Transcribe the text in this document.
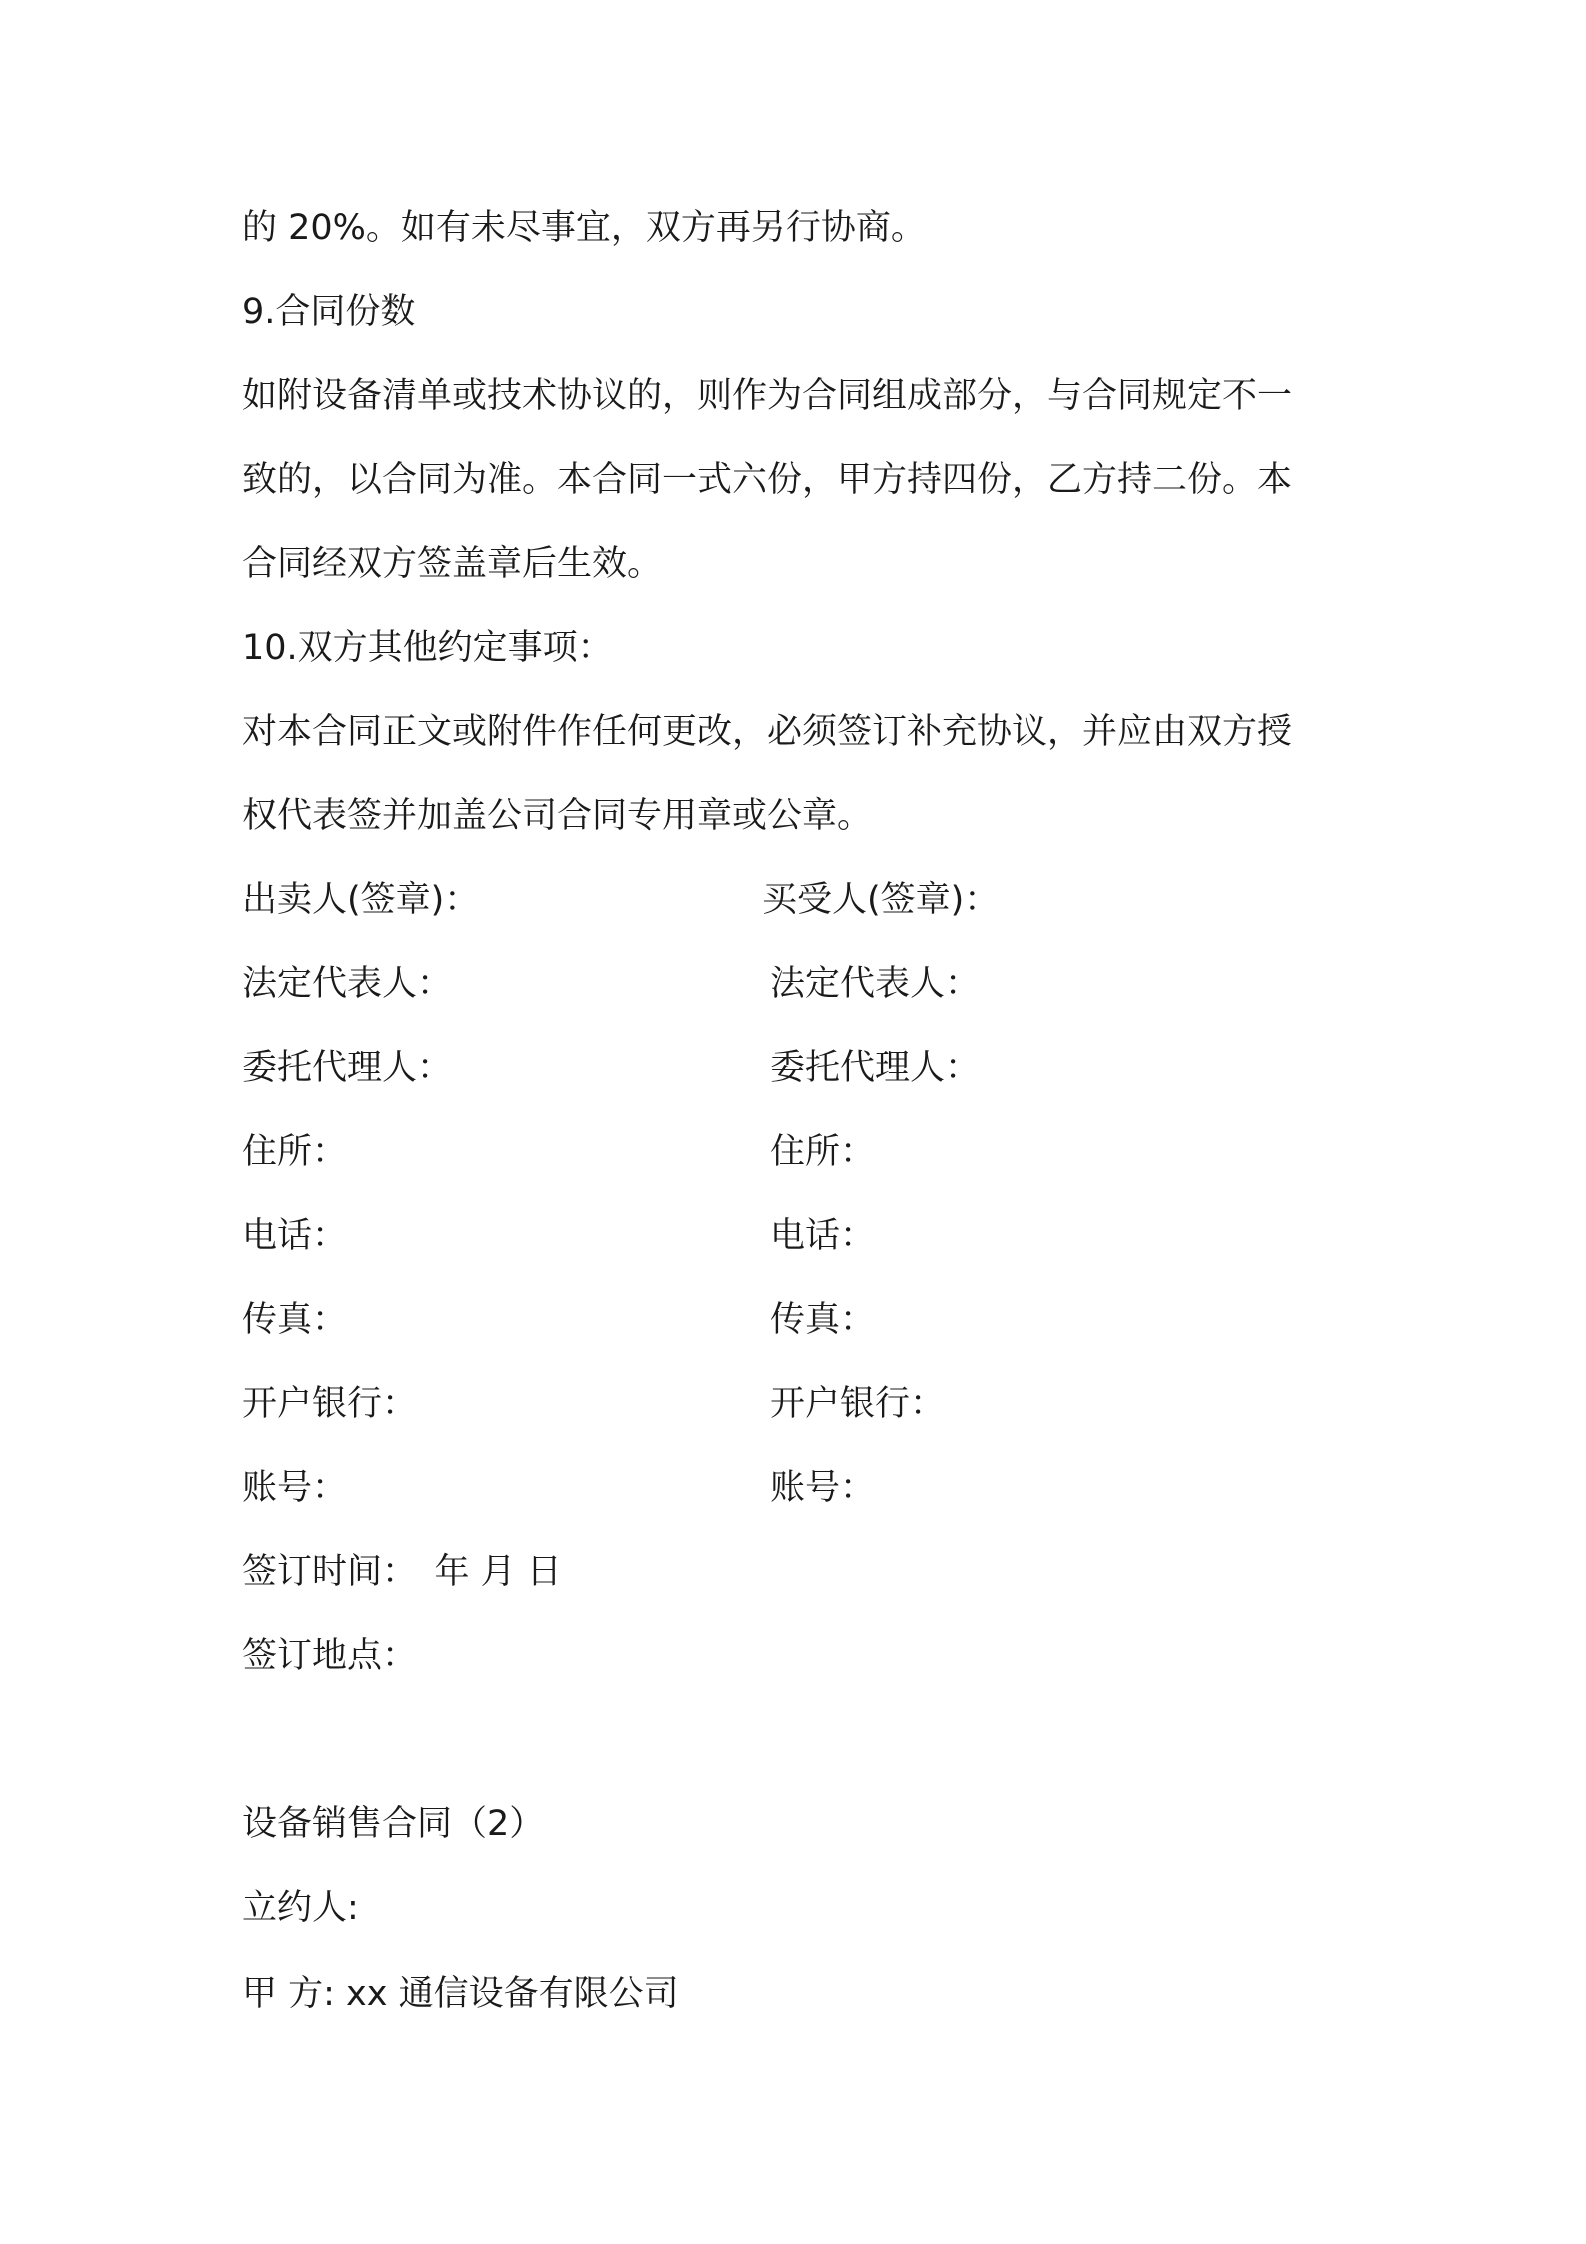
的 20%。如有未尽事宜，双方再另行协商。
9.合同份数
如附设备清单或技术协议的，则作为合同组成部分，与合同规定不一
致的，以合同为准。本合同一式六份，甲方持四份，乙方持二份。本
合同经双方签盖章后生效。
10.双方其他约定事项：
对本合同正文或附件作任何更改，必须签订补充协议，并应由双方授
权代表签并加盖公司合同专用章或公章。
出卖人(签章)：
法定代表人：
委托代理人：
住所：
电话：
传真：
开户银行：
账号：
买受人(签章)：
法定代表人：
委托代理人：
住所：
电话：
传真：
开户银行：
账号：
签订时间：　年 月 日
签订地点：
设备销售合同（2）
立约人:
甲 方: xx 通信设备有限公司
